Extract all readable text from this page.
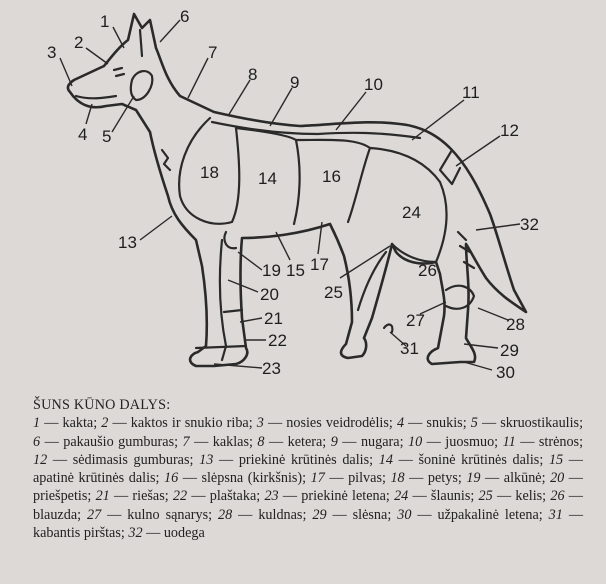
1
2
3
4 5
6
7
8 9	10	11
12
13
14
15
16
17
18
19
20
21
22
23
24
25
26
27	28
29
30
31
32
ŠUNS KŪNO DALYS:
1 — kakta; 2 — kaktos ir snukio riba; 3 — nosies veidrodėlis; 4 — snukis; 5 — skruostikaulis; 6 — pakaušio gumburas; 7 — kaklas; 8 — ketera; 9 — nugara; 10 — juosmuo; 11 — strėnos; 12 — sėdimasis gumburas; 13 — priekinė krūtinės dalis; 14 — šoninė krūtinės dalis; 15 — apatinė krūtinės dalis; 16 — slėpsna (kirkšnis); 17 — pilvas; 18 — petys; 19 — alkūnė; 20 — priešpetis; 21 — riešas; 22 — plaštaka; 23 — priekinė letena; 24 — šlaunis; 25 — kelis; 26 — blauzda; 27 — kulno sąnarys; 28 — kuldnas; 29 — slėsna; 30 — užpakalinė letena; 31 — kabantis pirštas; 32 — uodega
